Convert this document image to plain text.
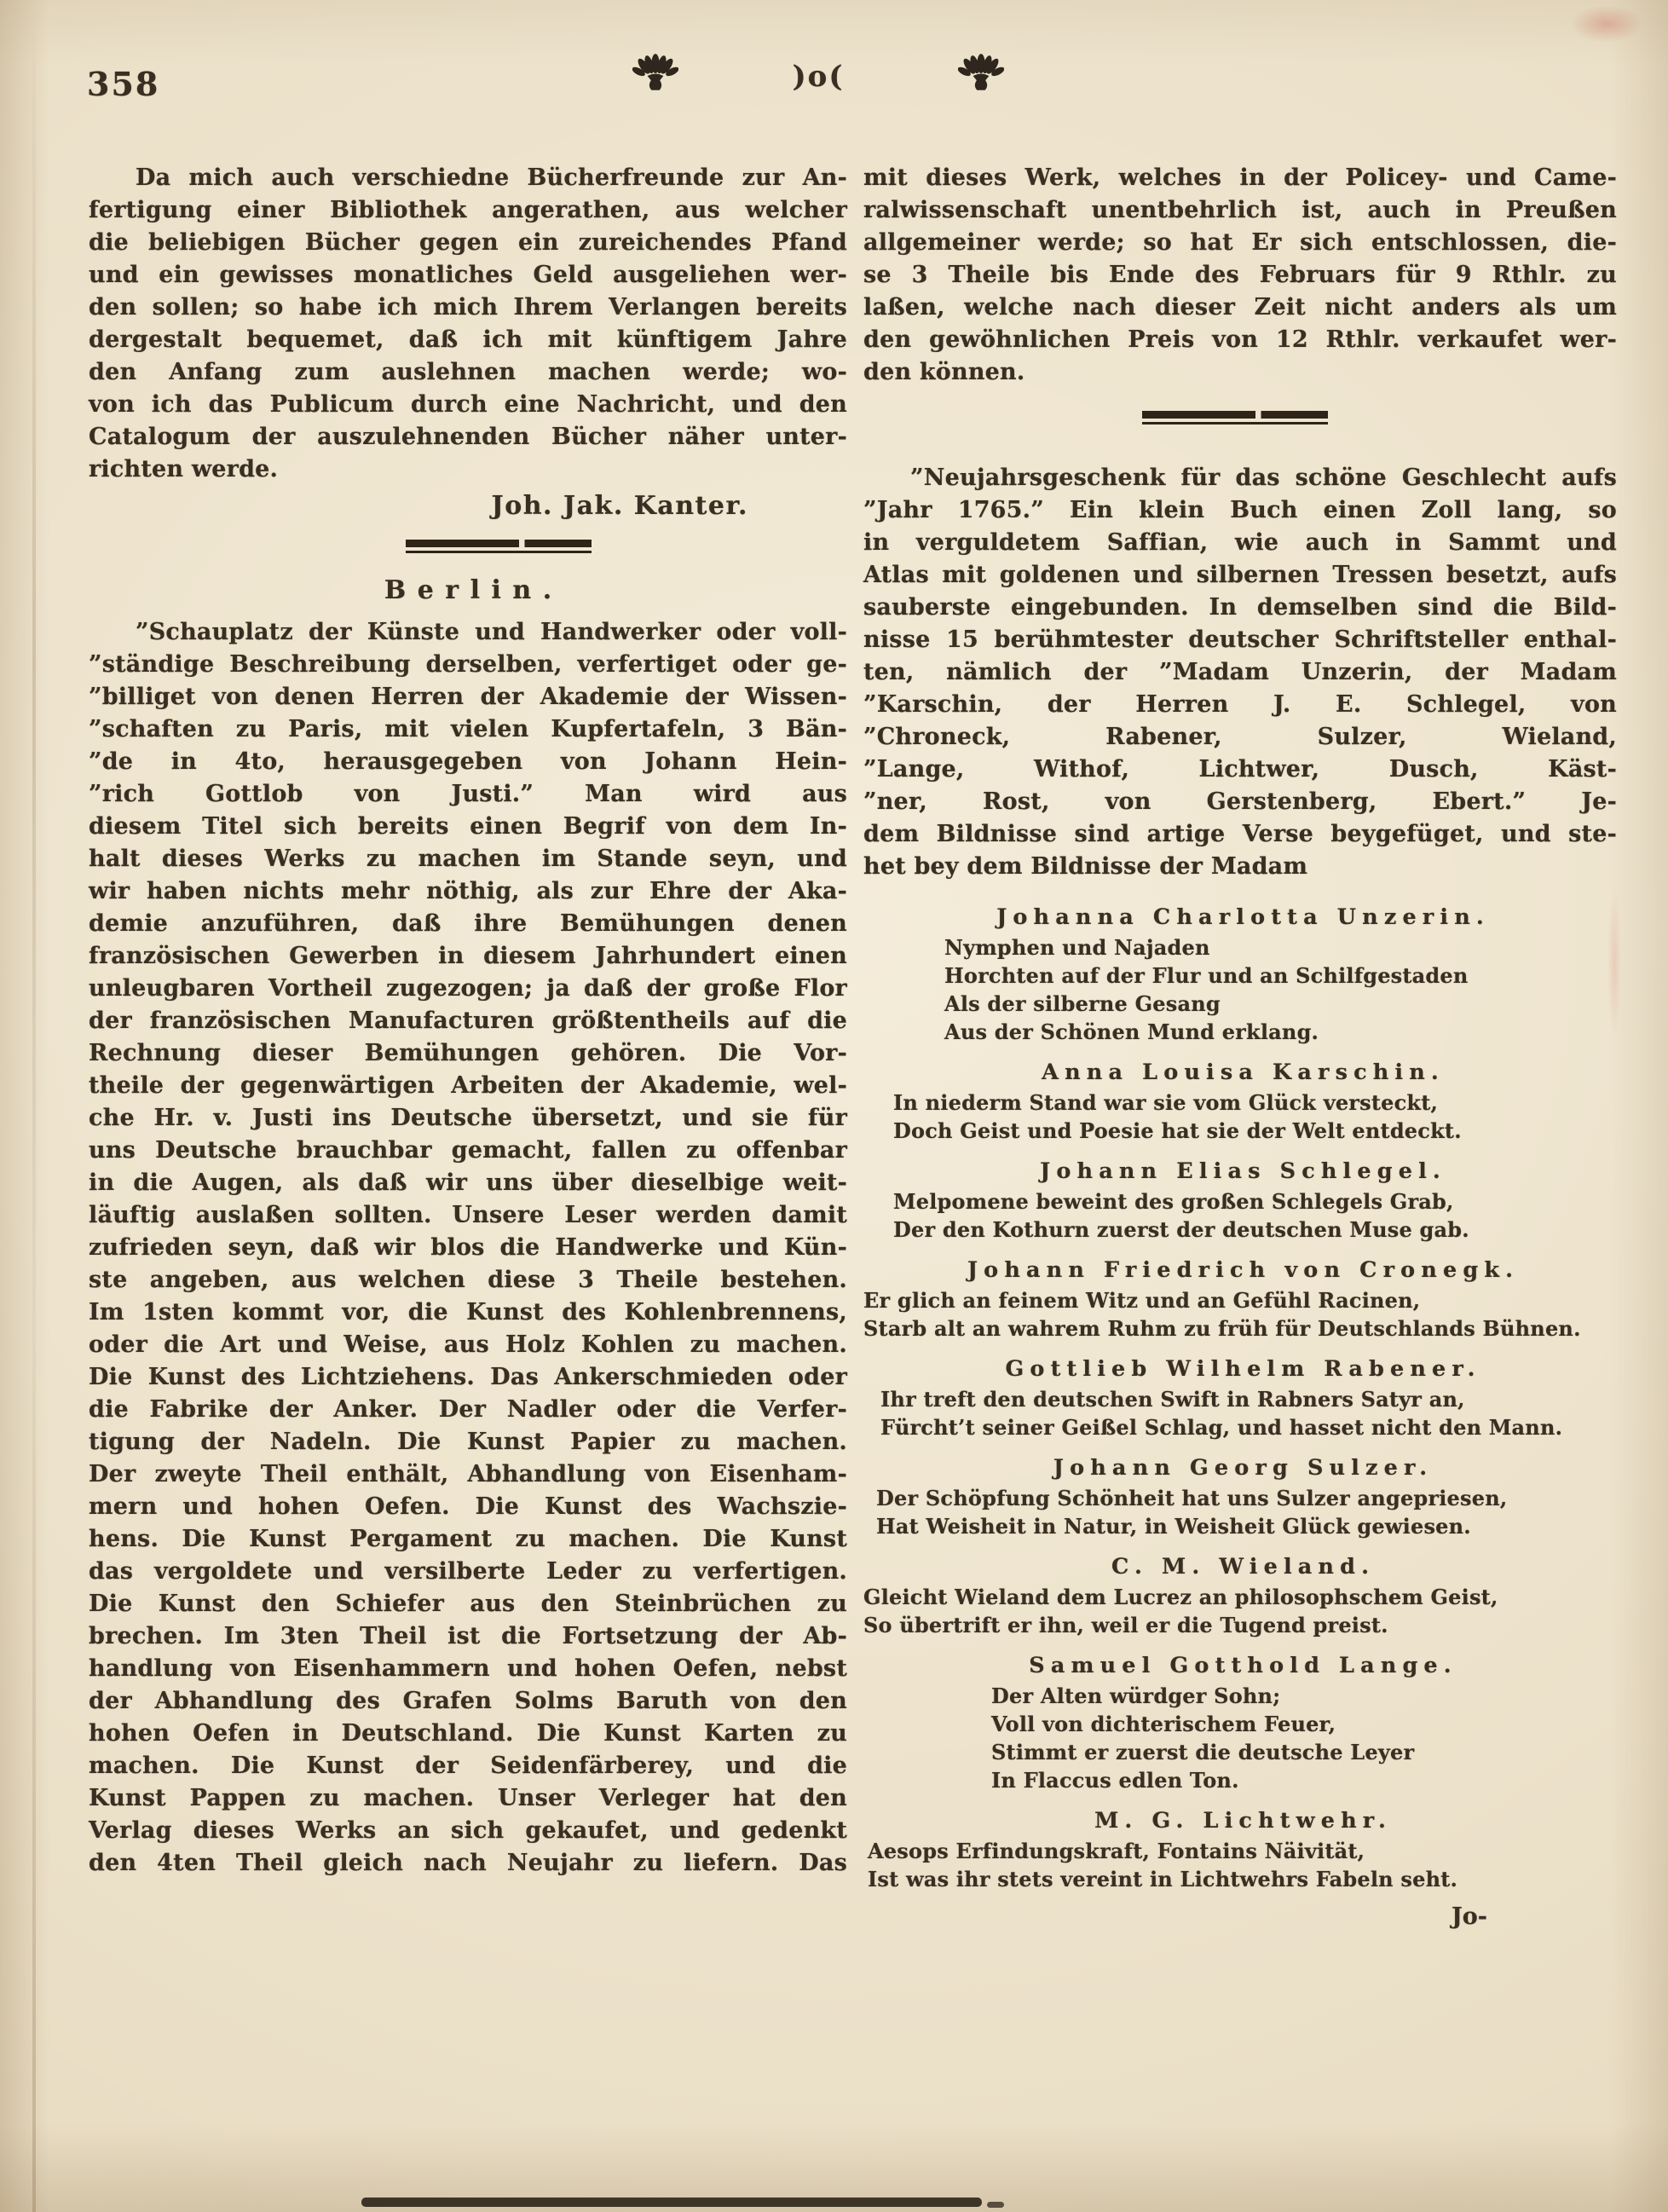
358	)o(
Da mich auch verschiedne Bücherfreunde zur An-
fertigung einer Bibliothek angerathen, aus welcher
die beliebigen Bücher gegen ein zureichendes Pfand
und ein gewisses monatliches Geld ausgeliehen wer-
den sollen; so habe ich mich Ihrem Verlangen bereits
dergestalt bequemet, daß ich mit künftigem Jahre
den Anfang zum auslehnen machen werde; wo-
von ich das Publicum durch eine Nachricht, und den
Catalogum der auszulehnenden Bücher näher unter-
richten werde.
Joh. Jak. Kanter.
Berlin.
”Schauplatz der Künste und Handwerker oder voll-
”ständige Beschreibung derselben, verfertiget oder ge-
”billiget von denen Herren der Akademie der Wissen-
”schaften zu Paris, mit vielen Kupfertafeln, 3 Bän-
”de in 4to, herausgegeben von Johann Hein-
”rich Gottlob von Justi.” Man wird aus
diesem Titel sich bereits einen Begrif von dem In-
halt dieses Werks zu machen im Stande seyn, und
wir haben nichts mehr nöthig, als zur Ehre der Aka-
demie anzuführen, daß ihre Bemühungen denen
französischen Gewerben in diesem Jahrhundert einen
unleugbaren Vortheil zugezogen; ja daß der große Flor
der französischen Manufacturen größtentheils auf die
Rechnung dieser Bemühungen gehören. Die Vor-
theile der gegenwärtigen Arbeiten der Akademie, wel-
che Hr. v. Justi ins Deutsche übersetzt, und sie für
uns Deutsche brauchbar gemacht, fallen zu offenbar
in die Augen, als daß wir uns über dieselbige weit-
läuftig auslaßen sollten. Unsere Leser werden damit
zufrieden seyn, daß wir blos die Handwerke und Kün-
ste angeben, aus welchen diese 3 Theile bestehen.
Im 1sten kommt vor, die Kunst des Kohlenbrennens,
oder die Art und Weise, aus Holz Kohlen zu machen.
Die Kunst des Lichtziehens. Das Ankerschmieden oder
die Fabrike der Anker. Der Nadler oder die Verfer-
tigung der Nadeln. Die Kunst Papier zu machen.
Der zweyte Theil enthält, Abhandlung von Eisenham-
mern und hohen Oefen. Die Kunst des Wachszie-
hens. Die Kunst Pergament zu machen. Die Kunst
das vergoldete und versilberte Leder zu verfertigen.
Die Kunst den Schiefer aus den Steinbrüchen zu
brechen. Im 3ten Theil ist die Fortsetzung der Ab-
handlung von Eisenhammern und hohen Oefen, nebst
der Abhandlung des Grafen Solms Baruth von den
hohen Oefen in Deutschland. Die Kunst Karten zu
machen. Die Kunst der Seidenfärberey, und die
Kunst Pappen zu machen. Unser Verleger hat den
Verlag dieses Werks an sich gekaufet, und gedenkt
den 4ten Theil gleich nach Neujahr zu liefern. Das
mit dieses Werk, welches in der Policey- und Came-
ralwissenschaft unentbehrlich ist, auch in Preußen
allgemeiner werde; so hat Er sich entschlossen, die-
se 3 Theile bis Ende des Februars für 9 Rthlr. zu
laßen, welche nach dieser Zeit nicht anders als um
den gewöhnlichen Preis von 12 Rthlr. verkaufet wer-
den können.
”Neujahrsgeschenk für das schöne Geschlecht aufs
”Jahr 1765.” Ein klein Buch einen Zoll lang, so
in verguldetem Saffian, wie auch in Sammt und
Atlas mit goldenen und silbernen Tressen besetzt, aufs
sauberste eingebunden. In demselben sind die Bild-
nisse 15 berühmtester deutscher Schriftsteller enthal-
ten, nämlich der ”Madam Unzerin, der Madam
”Karschin, der Herren J. E. Schlegel, von
”Chroneck, Rabener, Sulzer, Wieland,
”Lange, Withof, Lichtwer, Dusch, Käst-
”ner, Rost, von Gerstenberg, Ebert.” Je-
dem Bildnisse sind artige Verse beygefüget, und ste-
het bey dem Bildnisse der Madam
Johanna Charlotta Unzerin.
Nymphen und Najaden
Horchten auf der Flur und an Schilfgestaden
Als der silberne Gesang
Aus der Schönen Mund erklang.
Anna Louisa Karschin.
In niederm Stand war sie vom Glück versteckt,
Doch Geist und Poesie hat sie der Welt entdeckt.
Johann Elias Schlegel.
Melpomene beweint des großen Schlegels Grab,
Der den Kothurn zuerst der deutschen Muse gab.
Johann Friedrich von Cronegk.
Er glich an feinem Witz und an Gefühl Racinen,
Starb alt an wahrem Ruhm zu früh für Deutschlands Bühnen.
Gottlieb Wilhelm Rabener.
Ihr treft den deutschen Swift in Rabners Satyr an,
Fürcht’t seiner Geißel Schlag, und hasset nicht den Mann.
Johann Georg Sulzer.
Der Schöpfung Schönheit hat uns Sulzer angepriesen,
Hat Weisheit in Natur, in Weisheit Glück gewiesen.
C. M. Wieland.
Gleicht Wieland dem Lucrez an philosophschem Geist,
So übertrift er ihn, weil er die Tugend preist.
Samuel Gotthold Lange.
Der Alten würdger Sohn;
Voll von dichterischem Feuer,
Stimmt er zuerst die deutsche Leyer
In Flaccus edlen Ton.
M. G. Lichtwehr.
Aesops Erfindungskraft, Fontains Näivität,
Ist was ihr stets vereint in Lichtwehrs Fabeln seht.
Jo-
